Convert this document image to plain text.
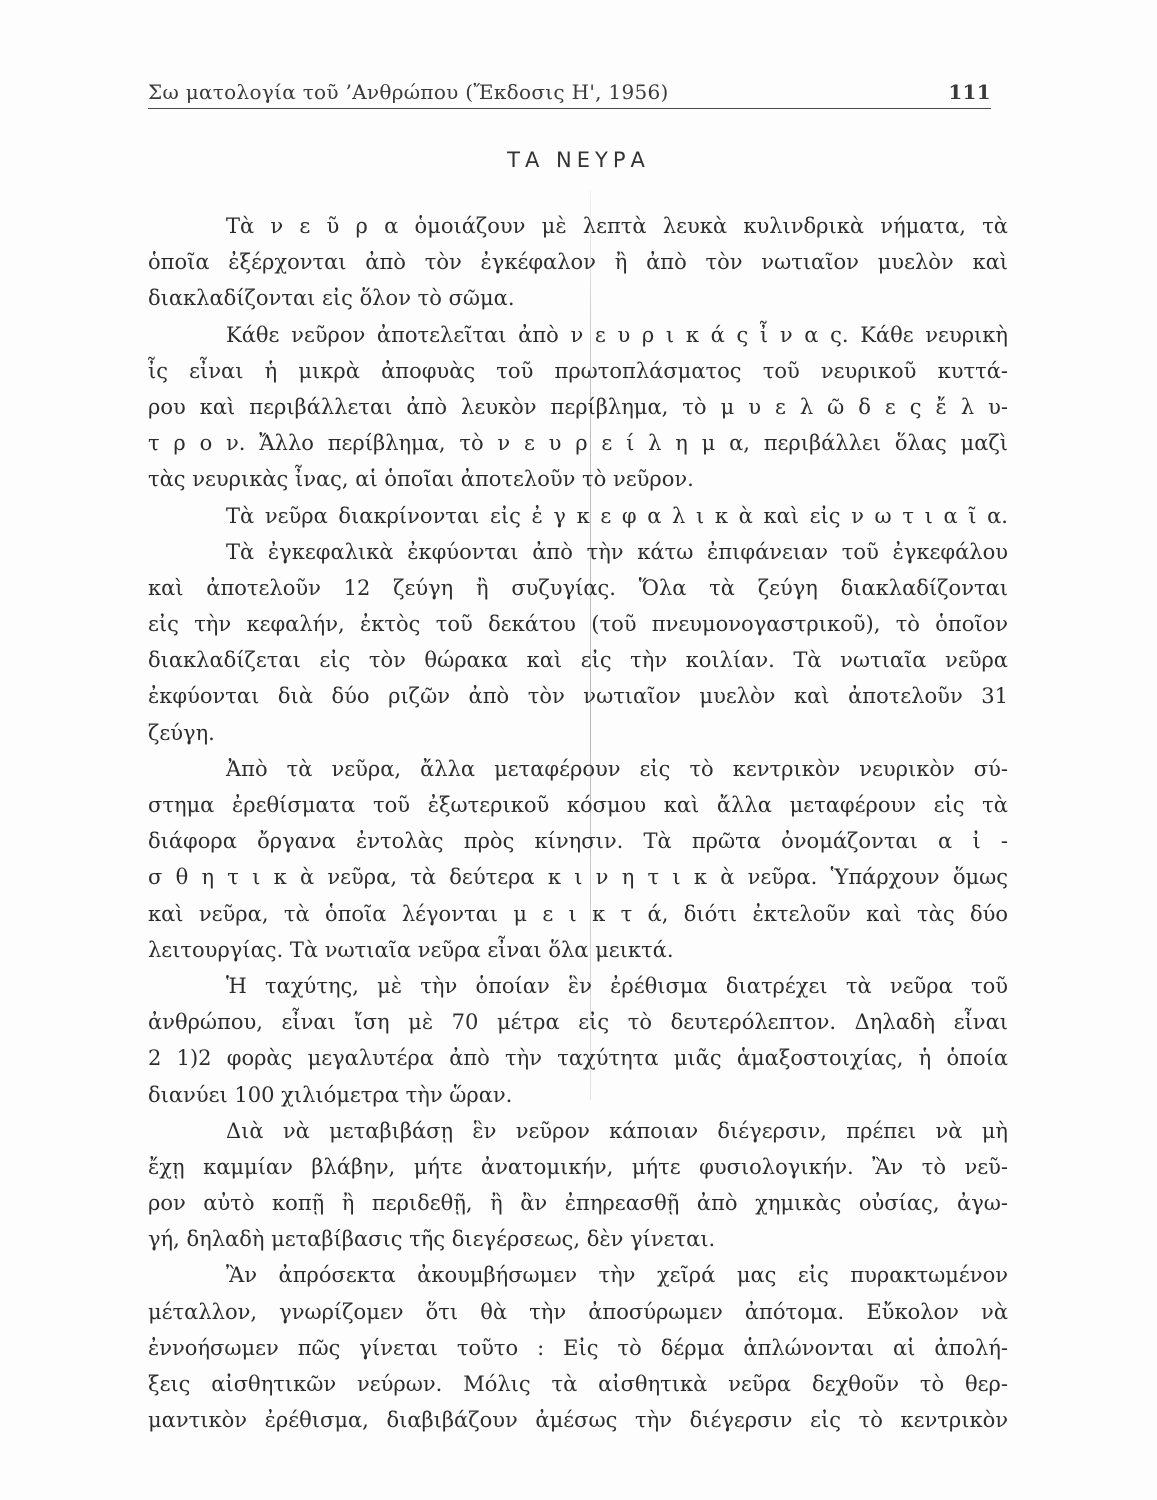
Σω ματολογία τοῦ ’Ανθρώπου (Ἔκδοσις Η', 1956)	111
ΤΑ ΝΕΥΡΑ
Τὰ ν ε ῦ ρ α ὁμοιάζουν μὲ λεπτὰ λευκὰ κυλινδρικὰ νήματα, τὰ
ὁποῖα ἐξέρχονται ἀπὸ τὸν ἐγκέφαλον ἢ ἀπὸ τὸν νωτιαῖον μυελὸν καὶ
διακλαδίζονται εἰς ὅλον τὸ σῶμα.
Κάθε νεῦρον ἀποτελεῖται ἀπὸ ν ε υ ρ ι κ ά ς ἶ ν α ς. Κάθε νευρικὴ
ἶς εἶναι ἡ μικρὰ ἀποφυὰς τοῦ πρωτοπλάσματος τοῦ νευρικοῦ κυττά-
ρου καὶ περιβάλλεται ἀπὸ λευκὸν περίβλημα, τὸ μ υ ε λ ῶ δ ε ς ἔ λ υ-
τ ρ ο ν. Ἄλλο περίβλημα, τὸ ν ε υ ρ ε ί λ η μ α, περιβάλλει ὅλας μαζὶ
τὰς νευρικὰς ἶνας, αἱ ὁποῖαι ἀποτελοῦν τὸ νεῦρον.
Τὰ νεῦρα διακρίνονται εἰς ἐ γ κ ε φ α λ ι κ ὰ καὶ εἰς ν ω τ ι α ῖ α.
Τὰ ἐγκεφαλικὰ ἐκφύονται ἀπὸ τὴν κάτω ἐπιφάνειαν τοῦ ἐγκεφάλου
καὶ ἀποτελοῦν 12 ζεύγη ἢ συζυγίας. Ὅλα τὰ ζεύγη διακλαδίζονται
εἰς τὴν κεφαλήν, ἐκτὸς τοῦ δεκάτου (τοῦ πνευμονογαστρικοῦ), τὸ ὁποῖον
διακλαδίζεται εἰς τὸν θώρακα καὶ εἰς τὴν κοιλίαν. Τὰ νωτιαῖα νεῦρα
ἐκφύονται διὰ δύο ριζῶν ἀπὸ τὸν νωτιαῖον μυελὸν καὶ ἀποτελοῦν 31
ζεύγη.
Ἀπὸ τὰ νεῦρα, ἄλλα μεταφέρουν εἰς τὸ κεντρικὸν νευρικὸν σύ-
στημα ἐρεθίσματα τοῦ ἐξωτερικοῦ κόσμου καὶ ἄλλα μεταφέρουν εἰς τὰ
διάφορα ὄργανα ἐντολὰς πρὸς κίνησιν. Τὰ πρῶτα ὀνομάζονται α ἰ -
σ θ η τ ι κ ὰ νεῦρα, τὰ δεύτερα κ ι ν η τ ι κ ὰ νεῦρα. Ὑπάρχουν ὅμως
καὶ νεῦρα, τὰ ὁποῖα λέγονται μ ε ι κ τ ά, διότι ἐκτελοῦν καὶ τὰς δύο
λειτουργίας. Τὰ νωτιαῖα νεῦρα εἶναι ὅλα μεικτά.
Ἡ ταχύτης, μὲ τὴν ὁποίαν ἓν ἐρέθισμα διατρέχει τὰ νεῦρα τοῦ
ἀνθρώπου, εἶναι ἴση μὲ 70 μέτρα εἰς τὸ δευτερόλεπτον. Δηλαδὴ εἶναι
2 1)2 φορὰς μεγαλυτέρα ἀπὸ τὴν ταχύτητα μιᾶς ἁμαξοστοιχίας, ἡ ὁποία
διανύει 100 χιλιόμετρα τὴν ὥραν.
Διὰ νὰ μεταβιβάσῃ ἓν νεῦρον κάποιαν διέγερσιν, πρέπει νὰ μὴ
ἔχῃ καμμίαν βλάβην, μήτε ἀνατομικήν, μήτε φυσιολογικήν. Ἂν τὸ νεῦ-
ρον αὐτὸ κοπῇ ἢ περιδεθῇ, ἢ ἂν ἐπηρεασθῇ ἀπὸ χημικὰς οὐσίας, ἀγω-
γή, δηλαδὴ μεταβίβασις τῆς διεγέρσεως, δὲν γίνεται.
Ἂν ἀπρόσεκτα ἀκουμβήσωμεν τὴν χεῖρά μας εἰς πυρακτωμένον
μέταλλον, γνωρίζομεν ὅτι θὰ τὴν ἀποσύρωμεν ἀπότομα. Εὔκολον νὰ
ἐννοήσωμεν πῶς γίνεται τοῦτο : Εἰς τὸ δέρμα ἁπλώνονται αἱ ἀπολή-
ξεις αἰσθητικῶν νεύρων. Μόλις τὰ αἰσθητικὰ νεῦρα δεχθοῦν τὸ θερ-
μαντικὸν ἐρέθισμα, διαβιβάζουν ἀμέσως τὴν διέγερσιν εἰς τὸ κεντρικὸν
